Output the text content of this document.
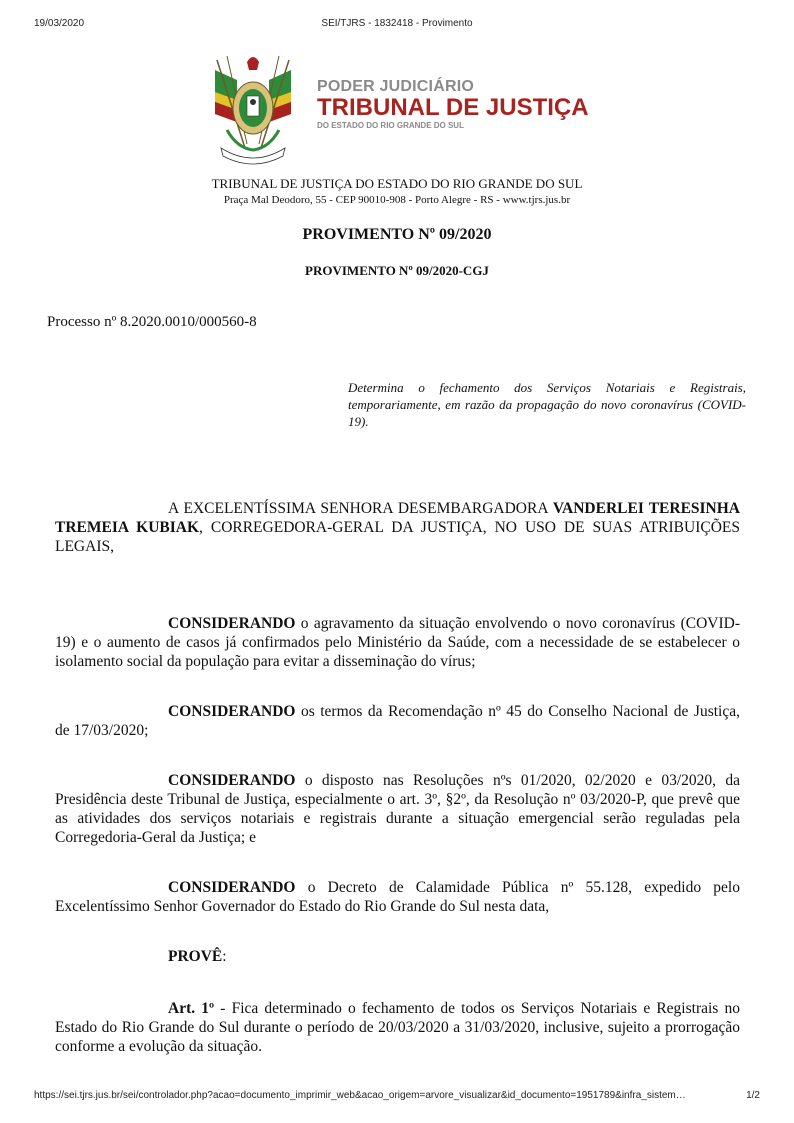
19/03/2020	SEI/TJRS - 1832418 - Provimento
PODER JUDICIÁRIO
TRIBUNAL DE JUSTIÇA
DO ESTADO DO RIO GRANDE DO SUL
TRIBUNAL DE JUSTIÇA DO ESTADO DO RIO GRANDE DO SUL
Praça Mal Deodoro, 55 - CEP 90010-908 - Porto Alegre - RS - www.tjrs.jus.br
PROVIMENTO Nº 09/2020
PROVIMENTO Nº 09/2020-CGJ
Processo nº 8.2020.0010/000560-8
Determina o fechamento dos Serviços Notariais e Registrais, temporariamente, em razão da propagação do novo coronavírus (COVID-19).
A EXCELENTÍSSIMA SENHORA DESEMBARGADORA VANDERLEI TERESINHA TREMEIA KUBIAK, CORREGEDORA-GERAL DA JUSTIÇA, NO USO DE SUAS ATRIBUIÇÕES LEGAIS,
CONSIDERANDO o agravamento da situação envolvendo o novo coronavírus (COVID-19) e o aumento de casos já confirmados pelo Ministério da Saúde, com a necessidade de se estabelecer o isolamento social da população para evitar a disseminação do vírus;
CONSIDERANDO os termos da Recomendação nº 45 do Conselho Nacional de Justiça, de 17/03/2020;
CONSIDERANDO o disposto nas Resoluções nºs 01/2020, 02/2020 e 03/2020, da Presidência deste Tribunal de Justiça, especialmente o art. 3º, §2º, da Resolução nº 03/2020-P, que prevê que as atividades dos serviços notariais e registrais durante a situação emergencial serão reguladas pela Corregedoria-Geral da Justiça; e
CONSIDERANDO o Decreto de Calamidade Pública nº 55.128, expedido pelo Excelentíssimo Senhor Governador do Estado do Rio Grande do Sul nesta data,
PROVÊ:
Art. 1º - Fica determinado o fechamento de todos os Serviços Notariais e Registrais no Estado do Rio Grande do Sul durante o período de 20/03/2020 a 31/03/2020, inclusive, sujeito a prorrogação conforme a evolução da situação.
https://sei.tjrs.jus.br/sei/controlador.php?acao=documento_imprimir_web&acao_origem=arvore_visualizar&id_documento=1951789&infra_sistem…	1/2
